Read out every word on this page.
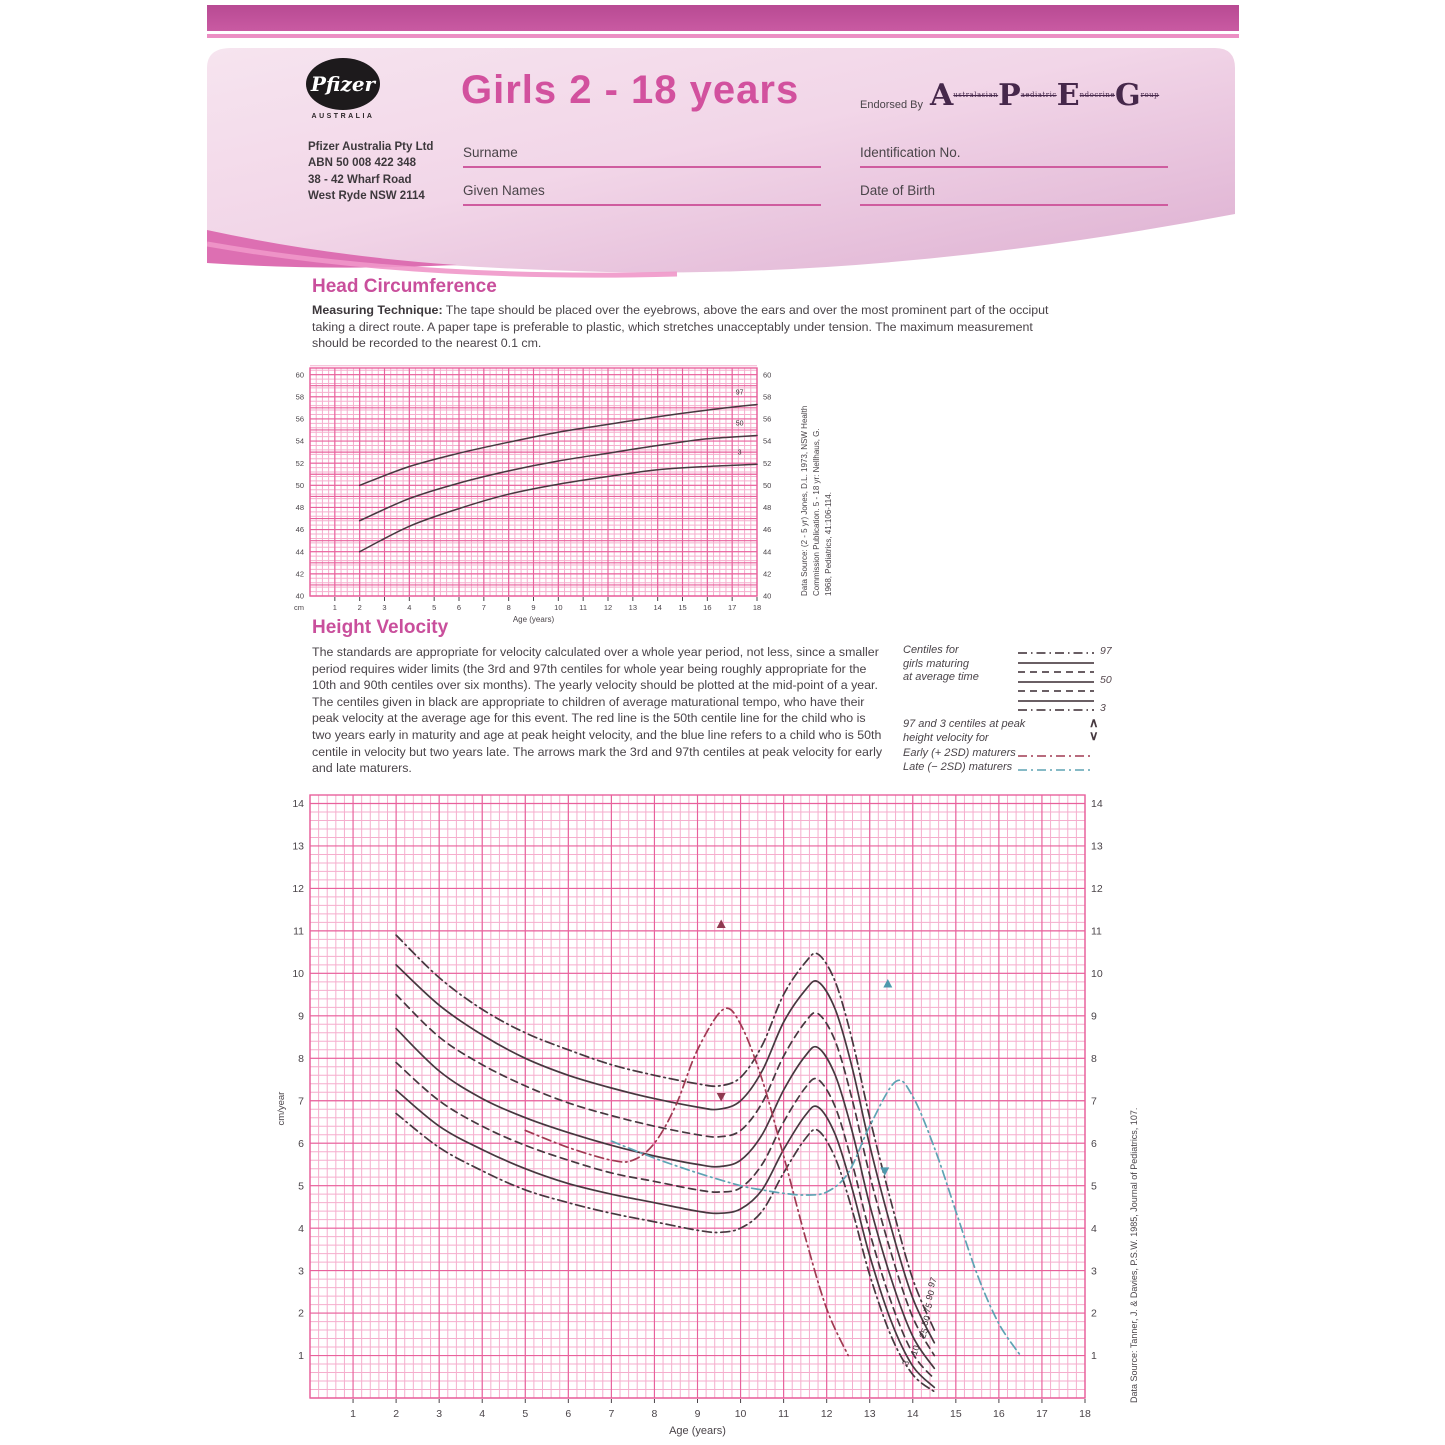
Pfizer
AUSTRALIA
Pfizer Australia Pty Ltd
ABN 50 008 422 348
38 - 42 Wharf Road
West Ryde NSW 2114
Girls 2 - 18 years	Endorsed By $A^{ustralasian}P^{aediatric}E^{ndocrine}G^{roup}$
Surname
Given Names
Identification No.
Date of Birth
Head Circumference
Measuring Technique: The tape should be placed over the eyebrows, above the ears and over the most prominent part of the occiput taking a direct route. A paper tape is preferable to plastic, which stretches unacceptably under tension. The maximum measurement should be recorded to the nearest 0.1 cm.
1	2	3	4	5	6	7	8	9 10 11 12 13 14 15 16 17 18
40	40
42	42
44	44
46	46
48	48
50	50
52	52
54	54
56	56
58	58
60	60
Age (years)
cm
97
50
3	Data Source: (2 - 5 yr) Jones, D.L. 1973, NSW Health Commission Publication. 5 - 18 yr: Nellhaus, G. 1968, Pediatrics, 41:106-114.
Height Velocity
The standards are appropriate for velocity calculated over a whole year period, not less, since a smaller period requires wider limits (the 3rd and 97th centiles for whole year being roughly appropriate for the 10th and 90th centiles over six months). The yearly velocity should be plotted at the mid-point of a year. The centiles given in black are appropriate to children of average maturational tempo, who have their peak velocity at the average age for this event. The red line is the 50th centile line for the child who is two years early in maturity and age at peak height velocity, and the blue line refers to a child who is 50th centile in velocity but two years late. The arrows mark the 3rd and 97th centiles at peak velocity for early and late maturers.
Centiles for
girls maturing
at average time
97
50
3
97 and 3 centiles at peak
height velocity for
∧
∨
Early (+ 2SD) maturers
Late (− 2SD) maturers
1	2	3	4	5	6	7	8	9	10	11	12	13	14	15	16	17	18
1	1
2	2
3	3
4	4
5	5
6	6
7	7
8	8
9	9
10	10
11	11
12	12
13	13
14	14
Age (years)
cm/year
97
90
75
50
25
10
3	Data Source: Tanner, J. & Davies, P.S.W. 1985, Journal of Pediatrics, 107.
